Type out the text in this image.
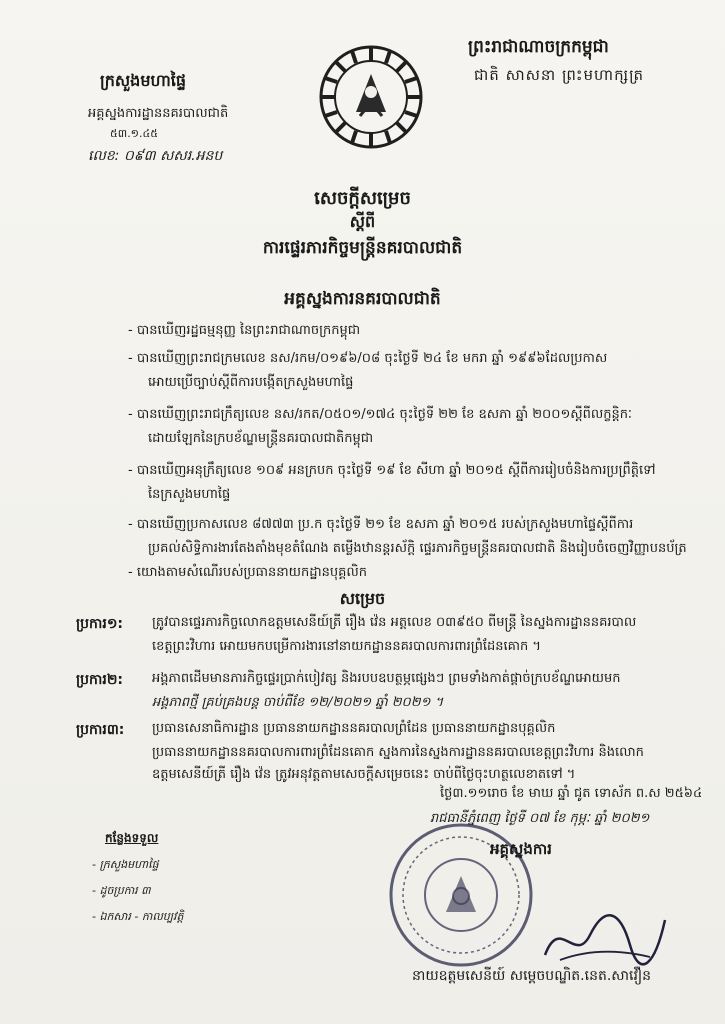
ព្រះរាជាណាចក្រកម្ពុជា
ជាតិ សាសនា ព្រះមហាក្សត្រ
ក្រសួងមហាផ្ទៃ
អគ្គស្នងការដ្ឋាននគរបាលជាតិ
៥៣.១.៤៥
លេខ: ០៩៣ សសរ.អនប
សេចក្តីសម្រេច
ស្តីពី
ការផ្ទេរភារកិច្ចមន្ត្រីនគរបាលជាតិ
អគ្គស្នងការនគរបាលជាតិ
- បានឃើញរដ្ឋធម្មនុញ្ញ នៃព្រះរាជាណាចក្រកម្ពុជា
- បានឃើញព្រះរាជក្រមលេខ នស/រកម/០១៩៦/០៨ ចុះថ្ងៃទី ២៤ ខែ មករា ឆ្នាំ ១៩៩៦ដែលប្រកាស
អោយប្រើច្បាប់ស្តីពីការបង្កើតក្រសួងមហាផ្ទៃ
- បានឃើញព្រះរាជក្រឹត្យលេខ នស/រកត/០៥០១/១៧៤ ចុះថ្ងៃទី ២២ ខែ ឧសភា ឆ្នាំ ២០០១ស្តីពីលក្ខន្តិកៈ
ដោយឡែកនៃក្របខ័ណ្ឌមន្ត្រីនគរបាលជាតិកម្ពុជា
- បានឃើញអនុក្រឹត្យលេខ ១០៩ អនក្របក ចុះថ្ងៃទី ១៩ ខែ សីហា ឆ្នាំ ២០១៥ ស្តីពីការរៀបចំនិងការប្រព្រឹត្តិទៅ
នៃក្រសួងមហាផ្ទៃ
- បានឃើញប្រកាសលេខ ៨៧៧៣ ប្រ.ក ចុះថ្ងៃទី ២១ ខែ ឧសភា ឆ្នាំ ២០១៥ របស់ក្រសួងមហាផ្ទៃស្តីពីការ
ប្រគល់សិទ្ធិការងារតែងតាំងមុខតំណែង តម្លើងឋានន្តរស័ក្តិ ផ្ទេរភារកិច្ចមន្ត្រីនគរបាលជាតិ និងរៀបចំចេញវិញ្ញាបនប័ត្រ
- យោងតាមសំណើរបស់ប្រធាននាយកដ្ឋានបុគ្គលិក
សម្រេច
ប្រការ១: ត្រូវបានផ្ទេរភារកិច្ចលោកឧត្តមសេនីយ៍ត្រី រឿង វ៉េន អត្តលេខ ០៣៩៥០ ពីមន្ត្រី នៃស្នងការដ្ឋាននគរបាល
ខេត្តព្រះវិហារ អោយមកបម្រើការងារនៅនាយកដ្ឋាននគរបាលការពារព្រំដែនគោក ។
ប្រការ២: អង្គភាពដើមមានភារកិច្ចផ្ទេរប្រាក់បៀវត្ស និងរបបឧបត្ថម្ភផ្សេងៗ ព្រមទាំងកាត់ផ្តាច់ក្របខ័ណ្ឌអោយមក
អង្គភាពថ្មី គ្រប់គ្រងបន្ត ចាប់ពីខែ ១២/២០២១ ឆ្នាំ ២០២១ ។
ប្រការ៣: ប្រធានសេនាធិការដ្ឋាន ប្រធាននាយកដ្ឋាននគរបាលព្រំដែន ប្រធាននាយកដ្ឋានបុគ្គលិក
ប្រធាននាយកដ្ឋាននគរបាលការពារព្រំដែនគោក ស្នងការនៃស្នងការដ្ឋាននគរបាលខេត្តព្រះវិហារ និងលោក
ឧត្តមសេនីយ៍ត្រី រឿង វ៉េន ត្រូវអនុវត្តតាមសេចក្តីសម្រេចនេះ ចាប់ពីថ្ងៃចុះហត្ថលេខាតទៅ ។
ថ្ងៃ៣.១១រោច ខែ មាឃ ឆ្នាំ ជូត ទោស័ក ព.ស ២៥៦៤
រាជធានីភ្នំពេញ ថ្ងៃទី ០៧ ខែ កុម្ភៈ ឆ្នាំ ២០២១
អគ្គស្នងការ
នាយឧត្តមសេនីយ៍ សម្តេចបណ្ឌិត.នេត.សាវឿន
កន្លែងទទួល
- ក្រសួងមហាផ្ទៃ
- ដូចប្រការ ៣
- ឯកសារ - កាលប្បវត្តិ
